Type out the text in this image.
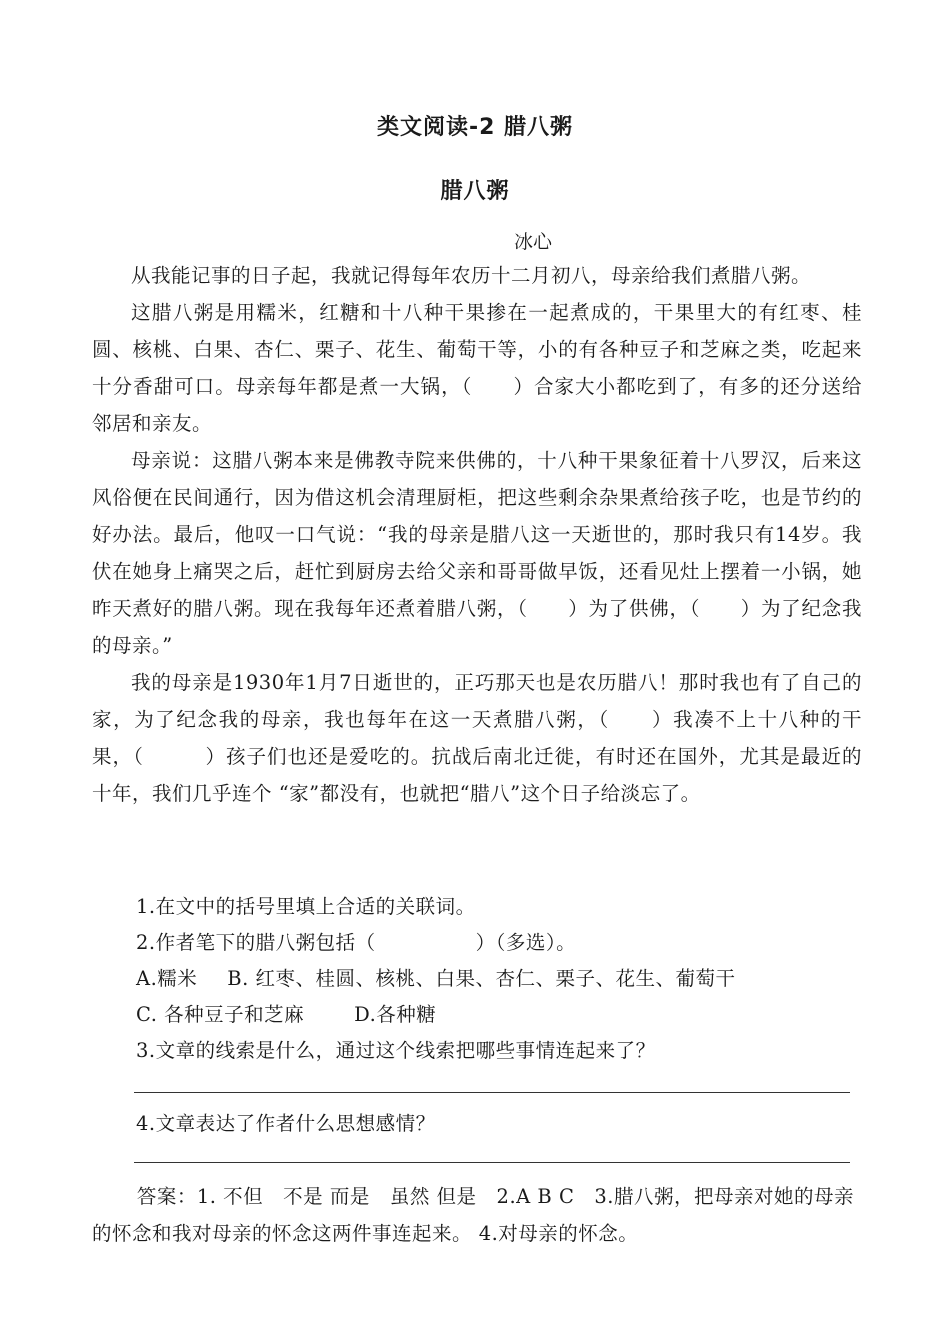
类文阅读-2 腊八粥
腊八粥
冰心

从我能记事的日子起，我就记得每年农历十二月初八，母亲给我们煮腊八粥。

这腊八粥是用糯米，红糖和十八种干果掺在一起煮成的，干果里大的有红枣、桂圆、核桃、白果、杏仁、栗子、花生、葡萄干等，小的有各种豆子和芝麻之类，吃起来十分香甜可口。母亲每年都是煮一大锅，（　　）合家大小都吃到了，有多的还分送给邻居和亲友。

母亲说：这腊八粥本来是佛教寺院来供佛的，十八种干果象征着十八罗汉，后来这风俗便在民间通行，因为借这机会清理厨柜，把这些剩余杂果煮给孩子吃，也是节约的好办法。最后，他叹一口气说：“我的母亲是腊八这一天逝世的，那时我只有14岁。我伏在她身上痛哭之后，赶忙到厨房去给父亲和哥哥做早饭，还看见灶上摆着一小锅，她昨天煮好的腊八粥。现在我每年还煮着腊八粥，（　　）为了供佛，（　　）为了纪念我的母亲。”

我的母亲是1930年1月7日逝世的，正巧那天也是农历腊八！那时我也有了自己的家，为了纪念我的母亲，我也每年在这一天煮腊八粥，（　　）我凑不上十八种的干果，（　　　）孩子们也还是爱吃的。抗战后南北迁徙，有时还在国外，尤其是最近的十年，我们几乎连个 “家”都没有，也就把“腊八”这个日子给淡忘了。

1.在文中的括号里填上合适的关联词。
2.作者笔下的腊八粥包括（　　　　　）（多选）。
A.糯米 B. 红枣、桂圆、核桃、白果、杏仁、栗子、花生、葡萄干
C. 各种豆子和芝麻	D.各种糖
3.文章的线索是什么，通过这个线索把哪些事情连起来了？
4.文章表达了作者什么思想感情？

答案：1. 不但　不是 而是　虽然 但是　2.A B C　3.腊八粥，把母亲对她的母亲的怀念和我对母亲的怀念这两件事连起来。 4.对母亲的怀念。
